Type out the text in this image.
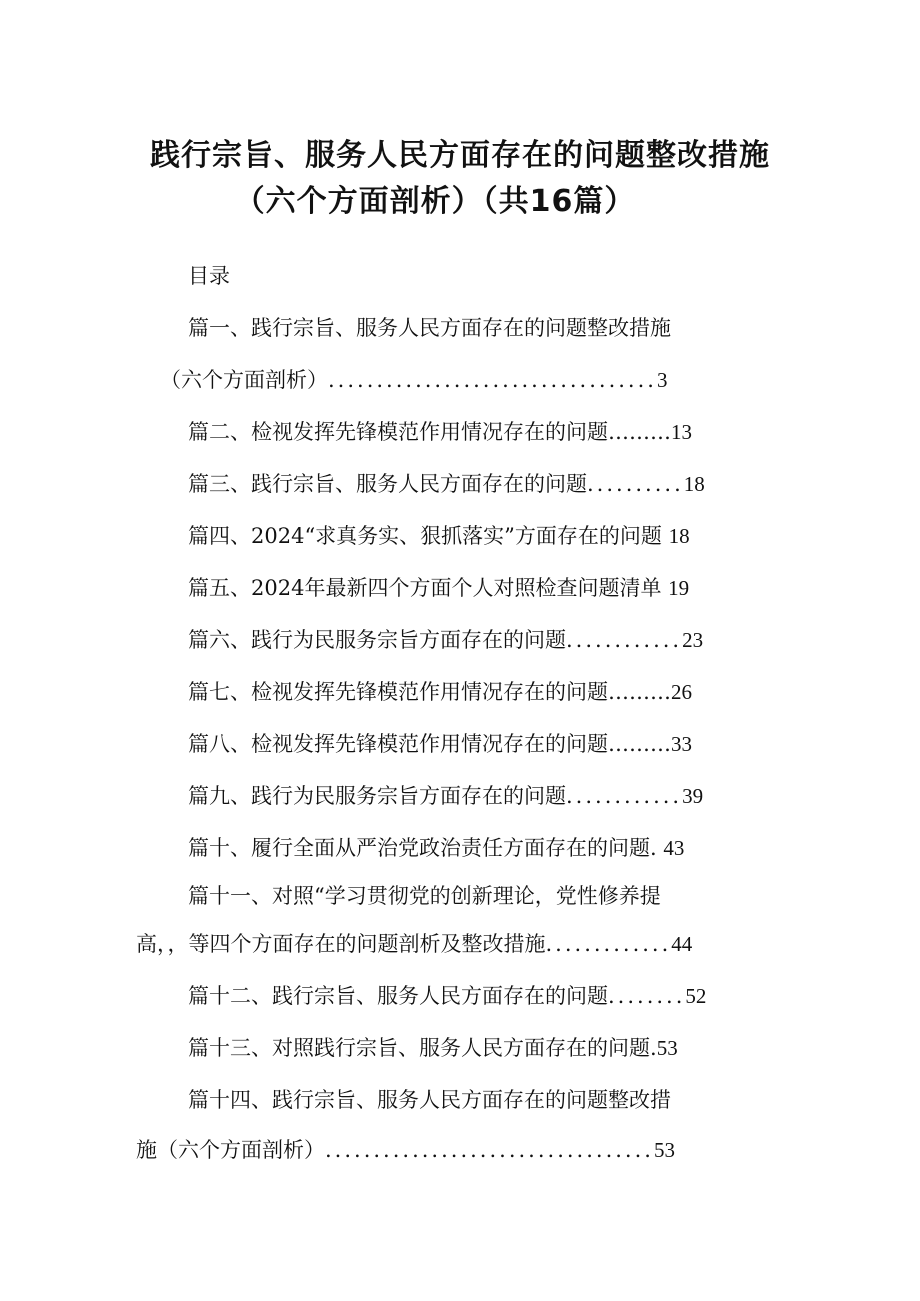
践行宗旨、服务人民方面存在的问题整改措施
（六个方面剖析）（共16篇）
目录
篇一、践行宗旨、服务人民方面存在的问题整改措施
（六个方面剖析）..................................3
篇二、检视发挥先锋模范作用情况存在的问题………13
篇三、践行宗旨、服务人民方面存在的问题..........18
篇四、2024“求真务实、狠抓落实”方面存在的问题 18
篇五、2024年最新四个方面个人对照检查问题清单 19
篇六、践行为民服务宗旨方面存在的问题............23
篇七、检视发挥先锋模范作用情况存在的问题………26
篇八、检视发挥先锋模范作用情况存在的问题………33
篇九、践行为民服务宗旨方面存在的问题............39
篇十、履行全面从严治党政治责任方面存在的问题. 43
篇十一、对照“学习贯彻党的创新理论，党性修养提
高，，等四个方面存在的问题剖析及整改措施.............44
篇十二、践行宗旨、服务人民方面存在的问题........52
篇十三、对照践行宗旨、服务人民方面存在的问题.53
篇十四、践行宗旨、服务人民方面存在的问题整改措
施（六个方面剖析）..................................53
